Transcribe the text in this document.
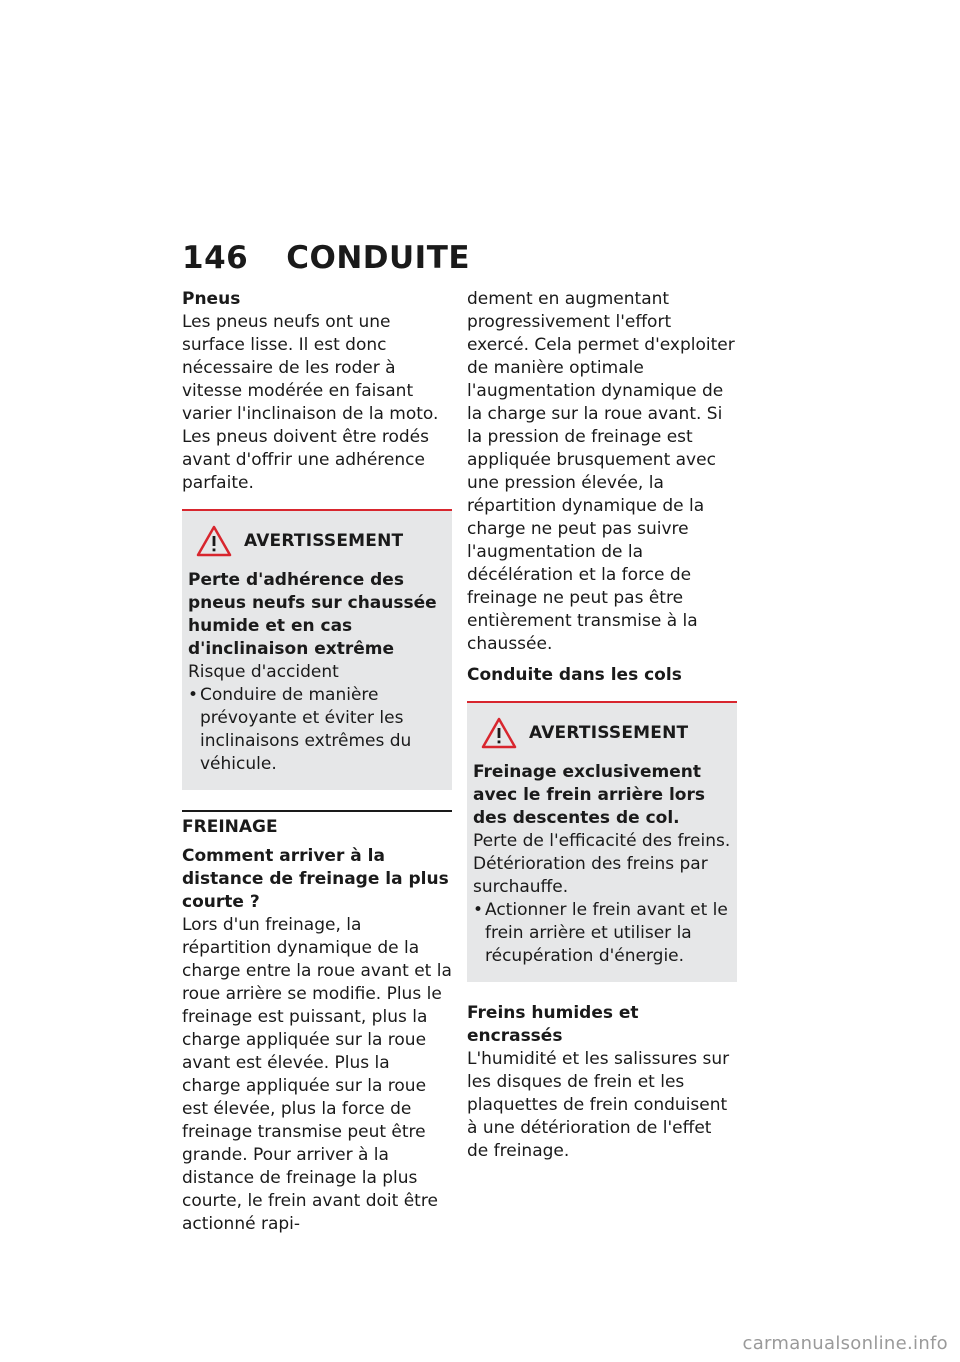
146 CONDUITE

Pneus

Les pneus neufs ont une surface lisse. Il est donc nécessaire de les roder à vitesse modérée en faisant varier l'inclinaison de la moto. Les pneus doivent être rodés avant d'offrir une adhérence parfaite.

AVERTISSEMENT

Perte d'adhérence des pneus neufs sur chaussée humide et en cas d'inclinaison extrême

Risque d'accident

• Conduire de manière prévoyante et éviter les inclinaisons extrêmes du véhicule.

FREINAGE

Comment arriver à la distance de freinage la plus courte ?

Lors d'un freinage, la répartition dynamique de la charge entre la roue avant et la roue arrière se modifie. Plus le freinage est puissant, plus la charge appliquée sur la roue avant est élevée. Plus la charge appliquée sur la roue est élevée, plus la force de freinage transmise peut être grande. Pour arriver à la distance de freinage la plus courte, le frein avant doit être actionné rapi-

dement en augmentant progressivement l'effort exercé. Cela permet d'exploiter de manière optimale l'augmentation dynamique de la charge sur la roue avant. Si la pression de freinage est appliquée brusquement avec une pression élevée, la répartition dynamique de la charge ne peut pas suivre l'augmentation de la décélération et la force de freinage ne peut pas être entièrement transmise à la chaussée.

Conduite dans les cols

AVERTISSEMENT

Freinage exclusivement avec le frein arrière lors des descentes de col.

Perte de l'efficacité des freins. Détérioration des freins par surchauffe.

• Actionner le frein avant et le frein arrière et utiliser la récupération d'énergie.

Freins humides et encrassés

L'humidité et les salissures sur les disques de frein et les plaquettes de frein conduisent à une détérioration de l'effet de freinage.

carmanualsonline.info
